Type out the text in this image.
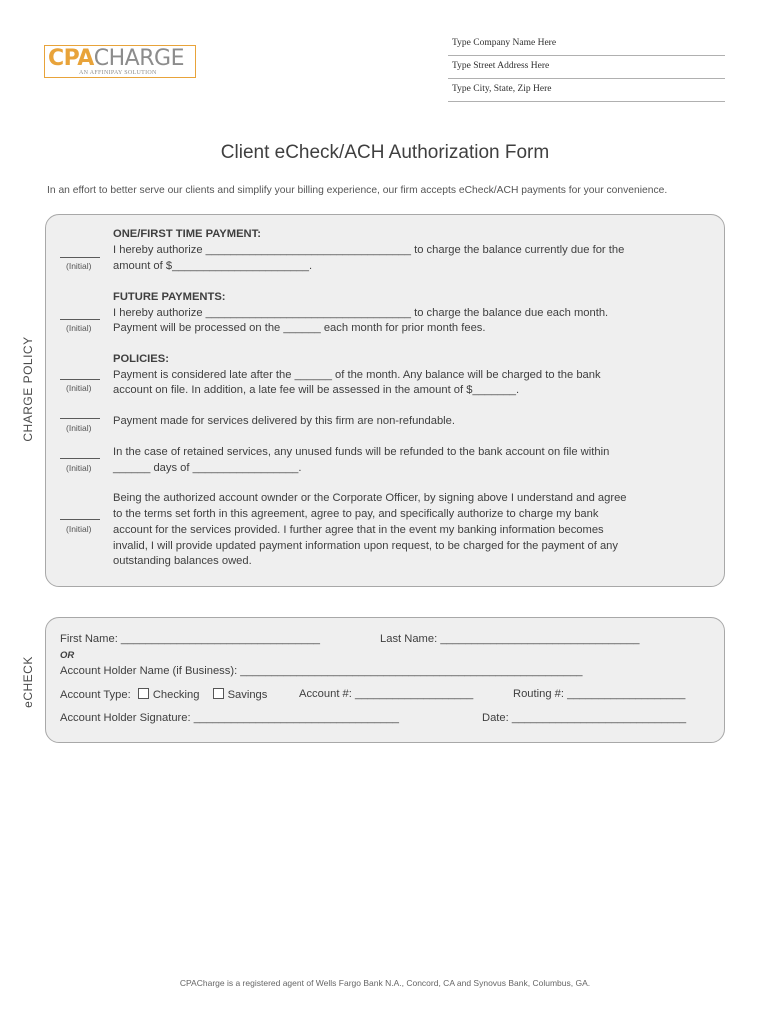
CPACHARGE
AN AFFINIPAY SOLUTION
Type Company Name Here
Type Street Address Here
Type City, State, Zip Here
Client eCheck/ACH Authorization Form
In an effort to better serve our clients and simplify your billing experience, our firm accepts eCheck/ACH payments for your convenience.
CHARGE POLICY
ONE/FIRST TIME PAYMENT:
I hereby authorize _________________________________ to charge the balance currently due for the
amount of $______________________.
(Initial)
FUTURE PAYMENTS:
I hereby authorize _________________________________ to charge the balance due each month.
Payment will be processed on the ______ each month for prior month fees.
(Initial)
POLICIES:
Payment is considered late after the ______ of the month. Any balance will be charged to the bank
account on file. In addition, a late fee will be assessed in the amount of $_______.
(Initial)
Payment made for services delivered by this firm are non-refundable.
(Initial)
In the case of retained services, any unused funds will be refunded to the bank account on file within
______ days of _________________.
(Initial)
Being the authorized account ownder or the Corporate Officer, by signing above I understand and agree
to the terms set forth in this agreement, agree to pay, and specifically authorize to charge my bank
account for the services provided. I further agree that in the event my banking information becomes
invalid, I will provide updated payment information upon request, to be charged for the payment of any
outstanding balances owed.
(Initial)
eCHECK
First Name: ________________________________	Last Name: ________________________________
OR
Account Holder Name (if Business): _______________________________________________________
Account Type: Checking	Savings	Account #: ___________________	Routing #: ___________________
Account Holder Signature: _________________________________	Date: ____________________________
CPACharge is a registered agent of Wells Fargo Bank N.A., Concord, CA and Synovus Bank, Columbus, GA.
